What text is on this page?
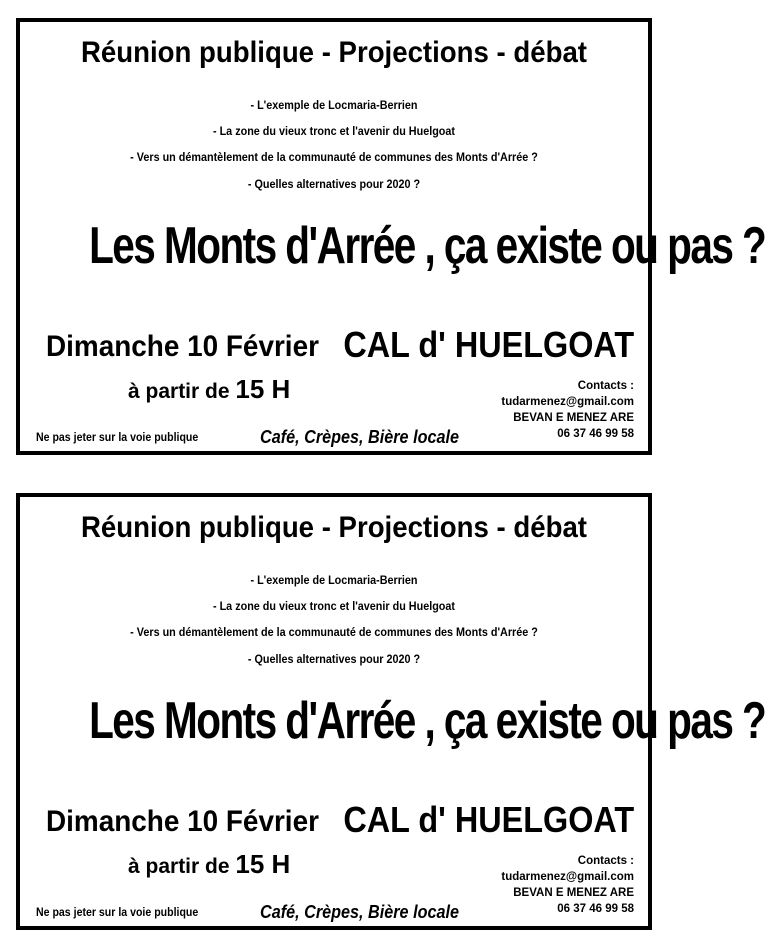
Réunion publique - Projections - débat
- L'exemple de Locmaria-Berrien
- La zone du vieux tronc et l'avenir du Huelgoat
- Vers un démantèlement de la communauté de communes des Monts d'Arrée ?
- Quelles alternatives pour 2020 ?
Les Monts d'Arrée , ça existe ou pas ?
Dimanche 10 Février
à partir de 15 H
CAL d' HUELGOAT
Contacts :
tudarmenez@gmail.com
BEVAN E MENEZ ARE
06 37 46 99 58
Ne pas jeter sur la voie publique	Café, Crèpes, Bière locale
Réunion publique - Projections - débat
- L'exemple de Locmaria-Berrien
- La zone du vieux tronc et l'avenir du Huelgoat
- Vers un démantèlement de la communauté de communes des Monts d'Arrée ?
- Quelles alternatives pour 2020 ?
Les Monts d'Arrée , ça existe ou pas ?
Dimanche 10 Février
à partir de 15 H
CAL d' HUELGOAT
Contacts :
tudarmenez@gmail.com
BEVAN E MENEZ ARE
06 37 46 99 58
Ne pas jeter sur la voie publique	Café, Crèpes, Bière locale
